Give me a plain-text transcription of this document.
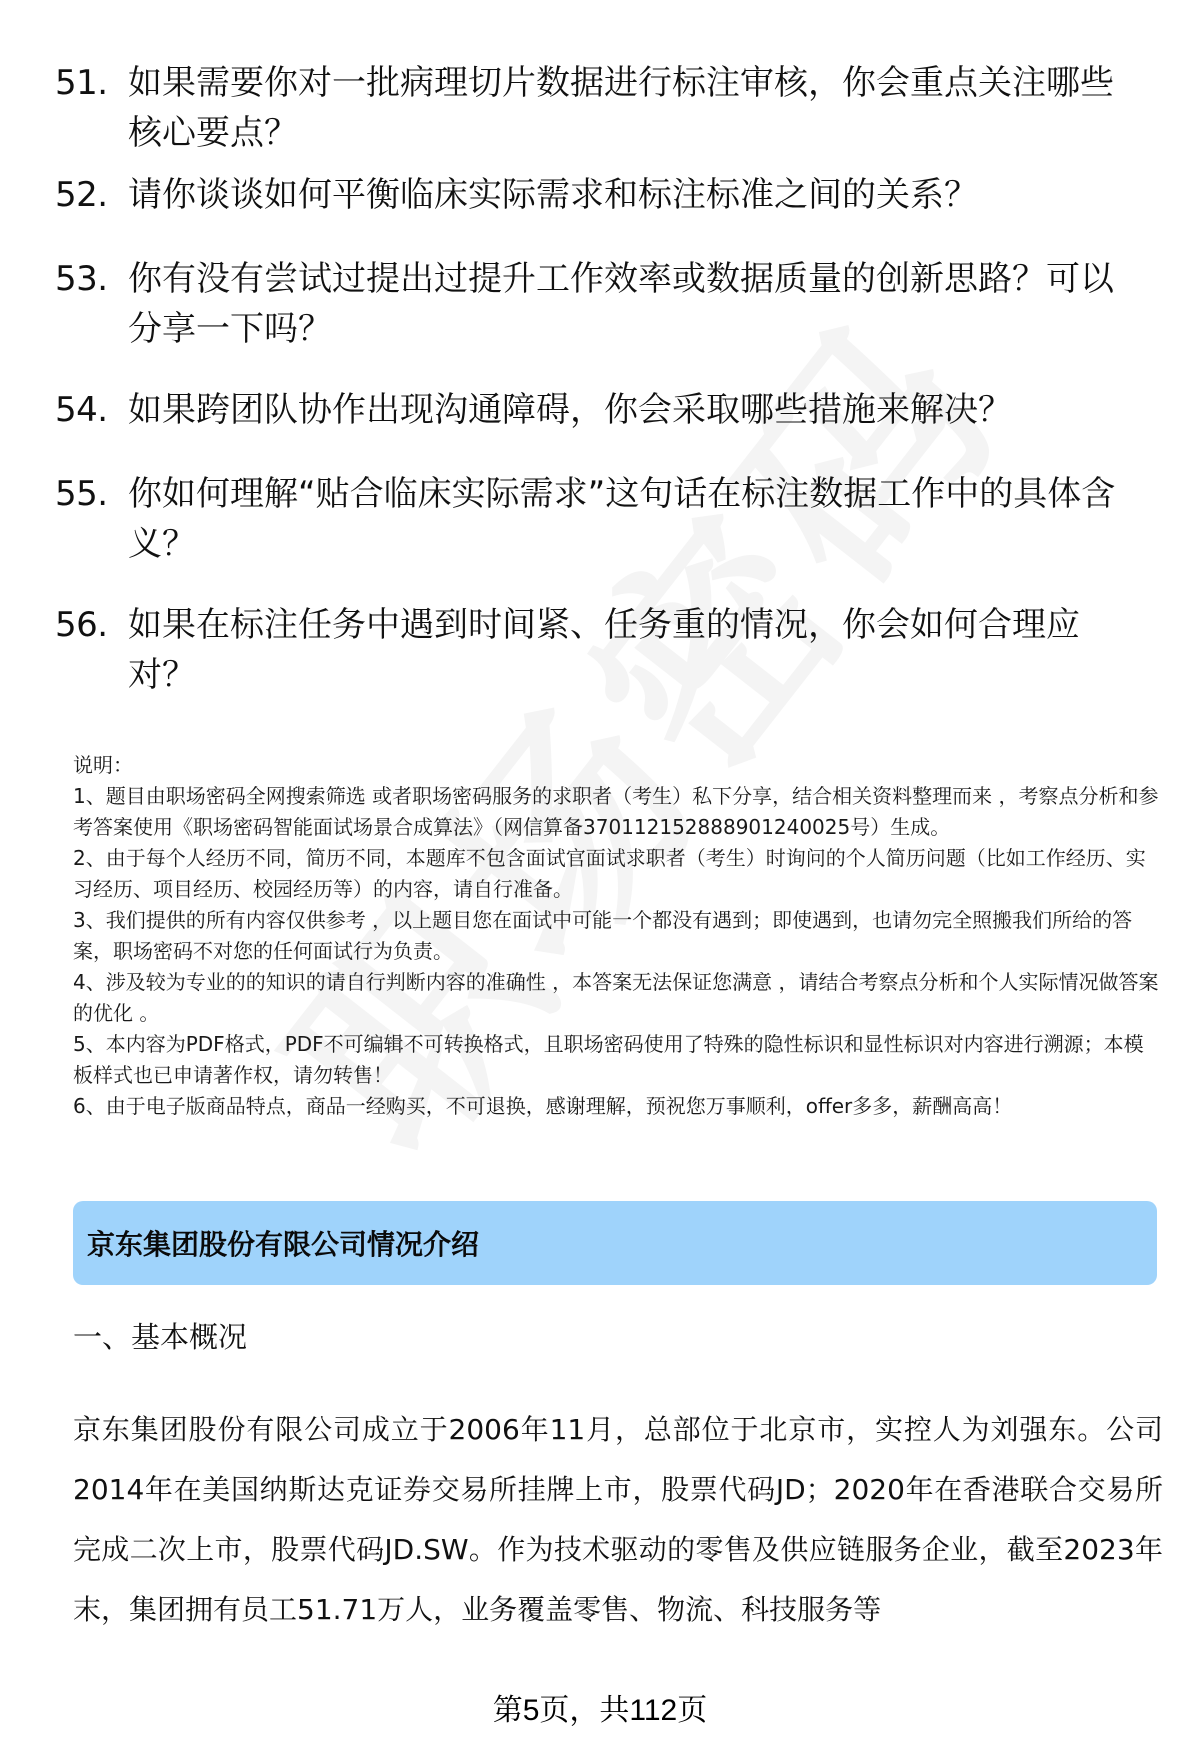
51. 如果需要你对一批病理切片数据进行标注审核，你会重点关注哪些核心要点？
52. 请你谈谈如何平衡临床实际需求和标注标准之间的关系？
53. 你有没有尝试过提出过提升工作效率或数据质量的创新思路？可以分享一下吗？
54. 如果跨团队协作出现沟通障碍，你会采取哪些措施来解决？
55. 你如何理解“贴合临床实际需求”这句话在标注数据工作中的具体含义？
56. 如果在标注任务中遇到时间紧、任务重的情况，你会如何合理应对？

说明：

1、题目由职场密码全网搜索筛选 或者职场密码服务的求职者（考生）私下分享，结合相关资料整理而来 ，考察点分析和参考答案使用《职场密码智能面试场景合成算法》（网信算备370112152888901240025号）生成。

2、由于每个人经历不同，简历不同，本题库不包含面试官面试求职者（考生）时询问的个人简历问题（比如工作经历、实习经历、项目经历、校园经历等）的内容，请自行准备。

3、我们提供的所有内容仅供参考 ，以上题目您在面试中可能一个都没有遇到；即使遇到，也请勿完全照搬我们所给的答案，职场密码不对您的任何面试行为负责。

4、涉及较为专业的的知识的请自行判断内容的准确性 ，本答案无法保证您满意 ，请结合考察点分析和个人实际情况做答案的优化 。

5、本内容为PDF格式，PDF不可编辑不可转换格式，且职场密码使用了特殊的隐性标识和显性标识对内容进行溯源；本模板样式也已申请著作权，请勿转售！

6、由于电子版商品特点，商品一经购买，不可退换，感谢理解，预祝您万事顺利，offer多多，薪酬高高！

京东集团股份有限公司情况介绍
一、基本概况

京东集团股份有限公司成立于2006年11月，总部位于北京市，实控人为刘强东。公司2014年在美国纳斯达克证券交易所挂牌上市，股票代码JD；2020年在香港联合交易所完成二次上市，股票代码JD.SW。作为技术驱动的零售及供应链服务企业，截至2023年末，集团拥有员工51.71万人，业务覆盖零售、物流、科技服务等

第5页，共112页
